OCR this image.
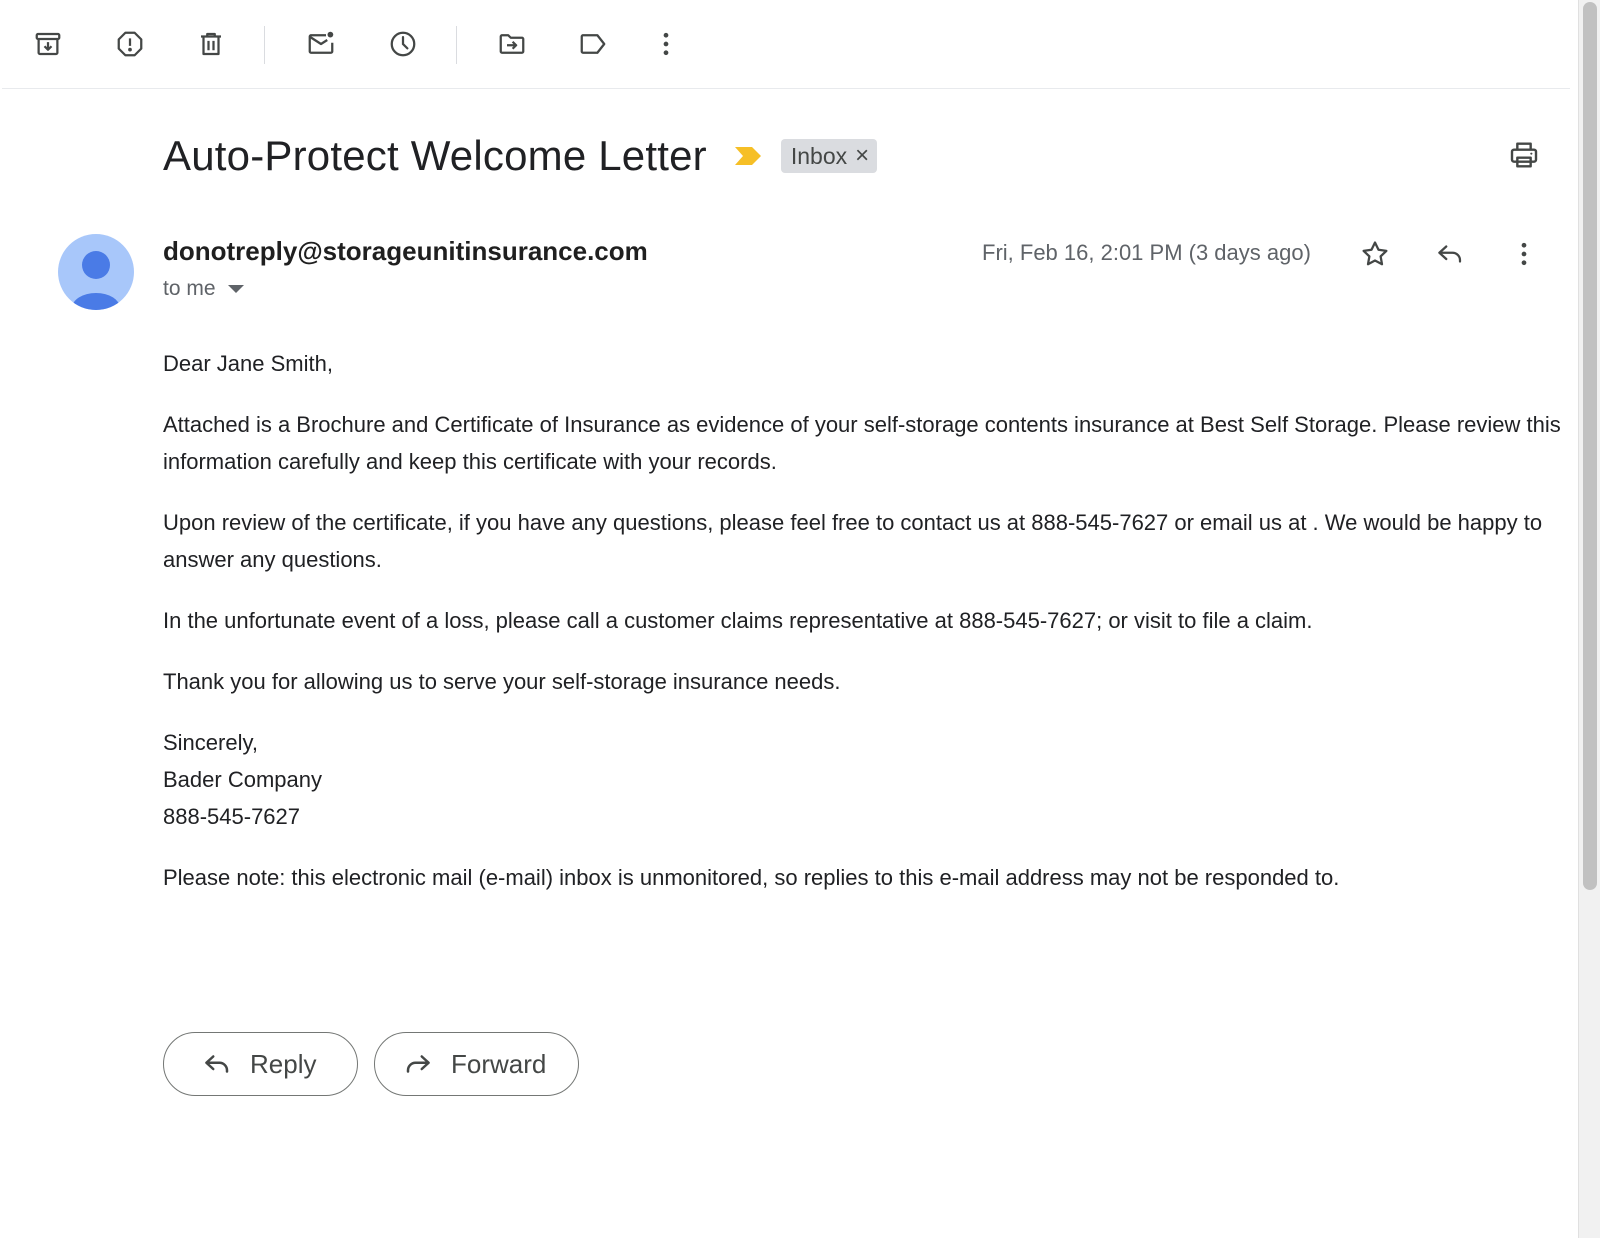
Auto-Protect Welcome Letter	Inbox ×
donotreply@storageunitinsurance.com
to me
Fri, Feb 16, 2:01 PM (3 days ago)

Dear Jane Smith,

Attached is a Brochure and Certificate of Insurance as evidence of your self-storage contents insurance at Best Self Storage. Please review this information carefully and keep this certificate with your records.

Upon review of the certificate, if you have any questions, please feel free to contact us at 888-545-7627 or email us at . We would be happy to answer any questions.

In the unfortunate event of a loss, please call a customer claims representative at 888-545-7627; or visit to file a claim.

Thank you for allowing us to serve your self-storage insurance needs.

Sincerely,

Bader Company

888-545-7627

Please note: this electronic mail (e-mail) inbox is unmonitored, so replies to this e-mail address may not be responded to.

Reply	Forward
